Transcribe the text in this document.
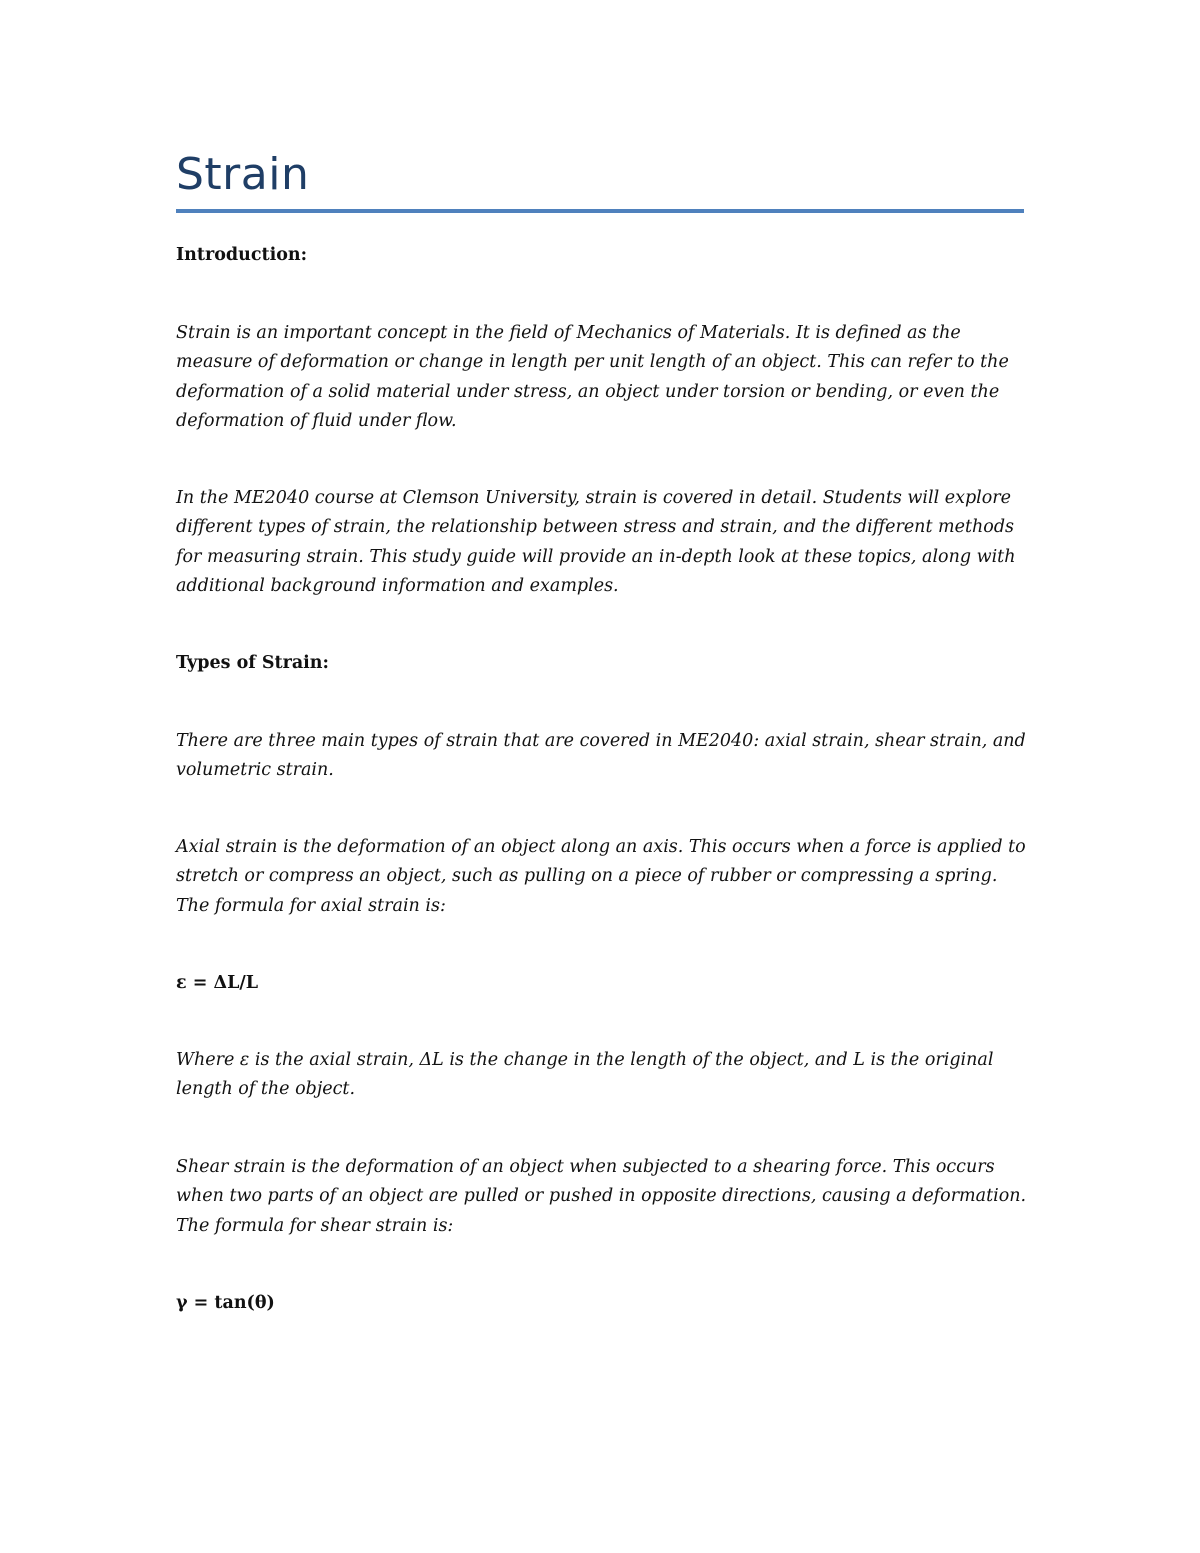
Strain

Introduction:

Strain is an important concept in the field of Mechanics of Materials. It is defined as the measure of deformation or change in length per unit length of an object. This can refer to the deformation of a solid material under stress, an object under torsion or bending, or even the deformation of fluid under flow.

In the ME2040 course at Clemson University, strain is covered in detail. Students will explore different types of strain, the relationship between stress and strain, and the different methods for measuring strain. This study guide will provide an in-depth look at these topics, along with additional background information and examples.

Types of Strain:

There are three main types of strain that are covered in ME2040: axial strain, shear strain, and volumetric strain.

Axial strain is the deformation of an object along an axis. This occurs when a force is applied to stretch or compress an object, such as pulling on a piece of rubber or compressing a spring. The formula for axial strain is:

ε = ΔL/L

Where ε is the axial strain, ΔL is the change in the length of the object, and L is the original length of the object.

Shear strain is the deformation of an object when subjected to a shearing force. This occurs when two parts of an object are pulled or pushed in opposite directions, causing a deformation. The formula for shear strain is:

γ = tan(θ)
